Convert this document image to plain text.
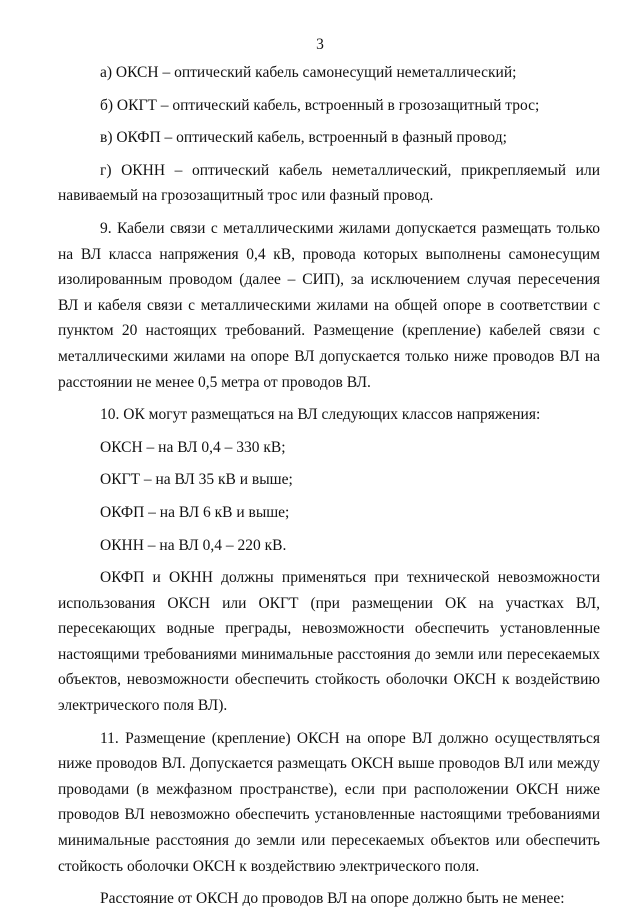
3

а) ОКСН – оптический кабель самонесущий неметаллический;

б) ОКГТ – оптический кабель, встроенный в грозозащитный трос;

в) ОКФП – оптический кабель, встроенный в фазный провод;

г) ОКНН – оптический кабель неметаллический, прикрепляемый или навиваемый на грозозащитный трос или фазный провод.

9. Кабели связи с металлическими жилами допускается размещать только на ВЛ класса напряжения 0,4 кВ, провода которых выполнены самонесущим изолированным проводом (далее – СИП), за исключением случая пересечения ВЛ и кабеля связи с металлическими жилами на общей опоре в соответствии с пунктом 20 настоящих требований. Размещение (крепление) кабелей связи с металлическими жилами на опоре ВЛ допускается только ниже проводов ВЛ на расстоянии не менее 0,5 метра от проводов ВЛ.

10. ОК могут размещаться на ВЛ следующих классов напряжения:

ОКСН – на ВЛ 0,4 – 330 кВ;

ОКГТ – на ВЛ 35 кВ и выше;

ОКФП – на ВЛ 6 кВ и выше;

ОКНН – на ВЛ 0,4 – 220 кВ.

ОКФП и ОКНН должны применяться при технической невозможности использования ОКСН или ОКГТ (при размещении ОК на участках ВЛ, пересекающих водные преграды, невозможности обеспечить установленные настоящими требованиями минимальные расстояния до земли или пересекаемых объектов, невозможности обеспечить стойкость оболочки ОКСН к воздействию электрического поля ВЛ).

11. Размещение (крепление) ОКСН на опоре ВЛ должно осуществляться ниже проводов ВЛ. Допускается размещать ОКСН выше проводов ВЛ или между проводами (в межфазном пространстве), если при расположении ОКСН ниже проводов ВЛ невозможно обеспечить установленные настоящими требованиями минимальные расстояния до земли или пересекаемых объектов или обеспечить стойкость оболочки ОКСН к воздействию электрического поля.

Расстояние от ОКСН до проводов ВЛ на опоре должно быть не менее:
